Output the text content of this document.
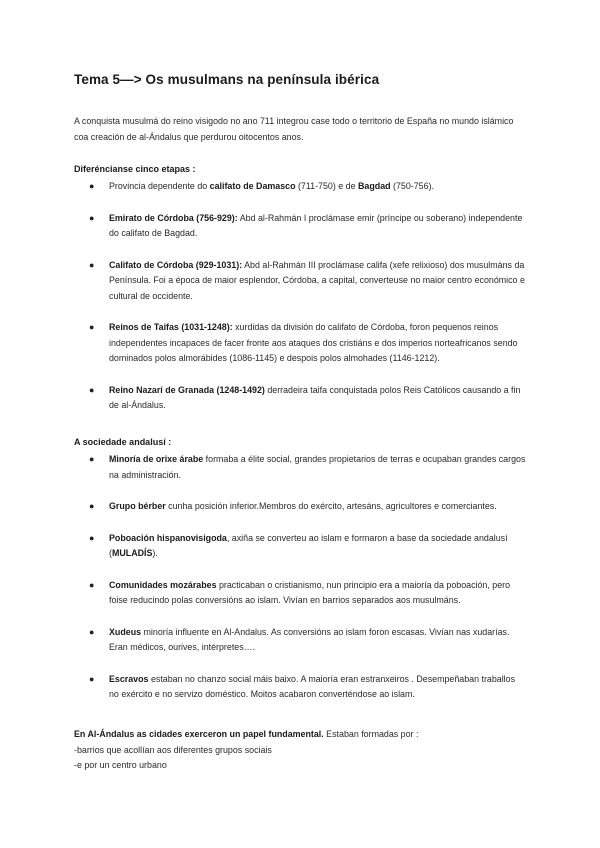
Tema 5—> Os musulmans na península ibérica
A conquista musulmá do reino visigodo no ano 711 integrou case todo o territorio de España no mundo islámico coa creación de al-Ándalus que perdurou oitocentos anos.
Diferéncianse cinco etapas :
● Provincia dependente do califato de Damasco (711-750) e de Bagdad (750-756).
● Emirato de Córdoba (756-929): Abd al-Rahmán I proclámase emir (príncipe ou soberano) independente do califato de Bagdad.
● Califato de Córdoba (929-1031): Abd al-Rahmán III proclámase califa (xefe relixioso) dos musulmáns da Península. Foi a época de maior esplendor, Córdoba, a capital, converteuse no maior centro económico e cultural de occidente.
● Reinos de Taifas (1031-1248): xurdidas da división do califato de Córdoba, foron pequenos reinos independentes incapaces de facer fronte aos ataques dos cristiáns e dos imperios norteafricanos sendo dominados polos almorábides (1086-1145) e despois polos almohades (1146-1212).
● Reino Nazarí de Granada (1248-1492) derradeira taifa conquistada polos Reis Católicos causando a fin de al-Ándalus.
A sociedade andalusí :
● Minoría de orixe árabe formaba a élite social, grandes propietarios de terras e ocupaban grandes cargos na administración.
● Grupo bérber cunha posición inferior.Membros do exército, artesáns, agricultores e comerciantes.
● Poboación hispanovisigoda, axiña se converteu ao islam e formaron a base da sociedade andalusí (MULADÍS).
● Comunidades mozárabes practicaban o cristianismo, nun principio era a maioría da poboación, pero foise reducindo polas conversións ao islam. Vivían en barrios separados aos musulmáns.
● Xudeus minoría influente en Al-Andalus. As conversións ao islam foron escasas. Vivían nas xudarías. Eran médicos, ourives, intérpretes….
● Escravos estaban no chanzo social máis baixo. A maioría eran estranxeiros . Desempeñaban traballos no exército e no servizo doméstico. Moitos acabaron converténdose ao islam.
En Al-Ándalus as cidades exerceron un papel fundamental. Estaban formadas por :
-barrios que acollían aos diferentes grupos sociais
-e por un centro urbano
